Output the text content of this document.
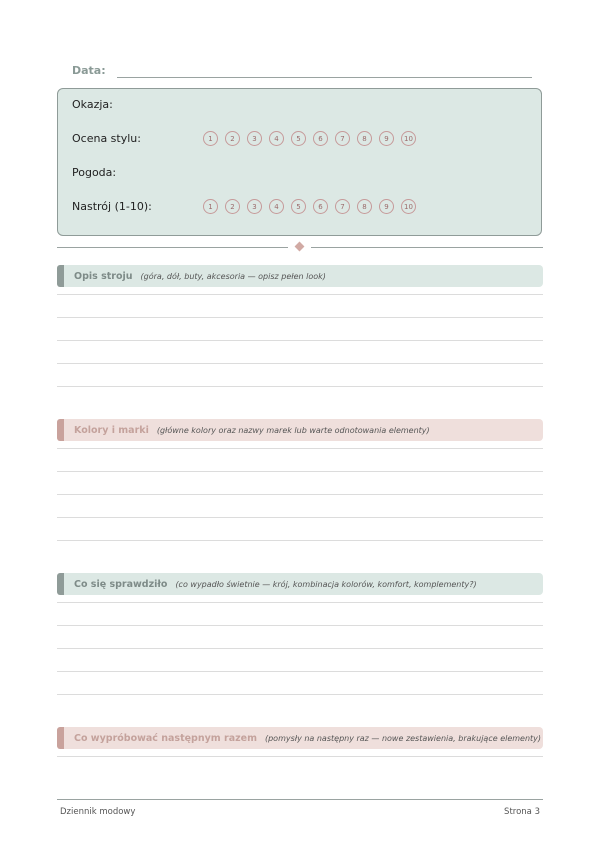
Data:
Okazja:
Ocena stylu:	1	2	3	4	5	6	7	8	9	10
Pogoda:
Nastrój (1-10):	1	2	3	4	5	6	7	8	9	10
Opis stroju (góra, dół, buty, akcesoria — opisz pełen look)
Kolory i marki (główne kolory oraz nazwy marek lub warte odnotowania elementy)
Co się sprawdziło (co wypadło świetnie — krój, kombinacja kolorów, komfort, komplementy?)
Co wypróbować następnym razem (pomysły na następny raz — nowe zestawienia, brakujące elementy)
Dziennik modowy	Strona 3
